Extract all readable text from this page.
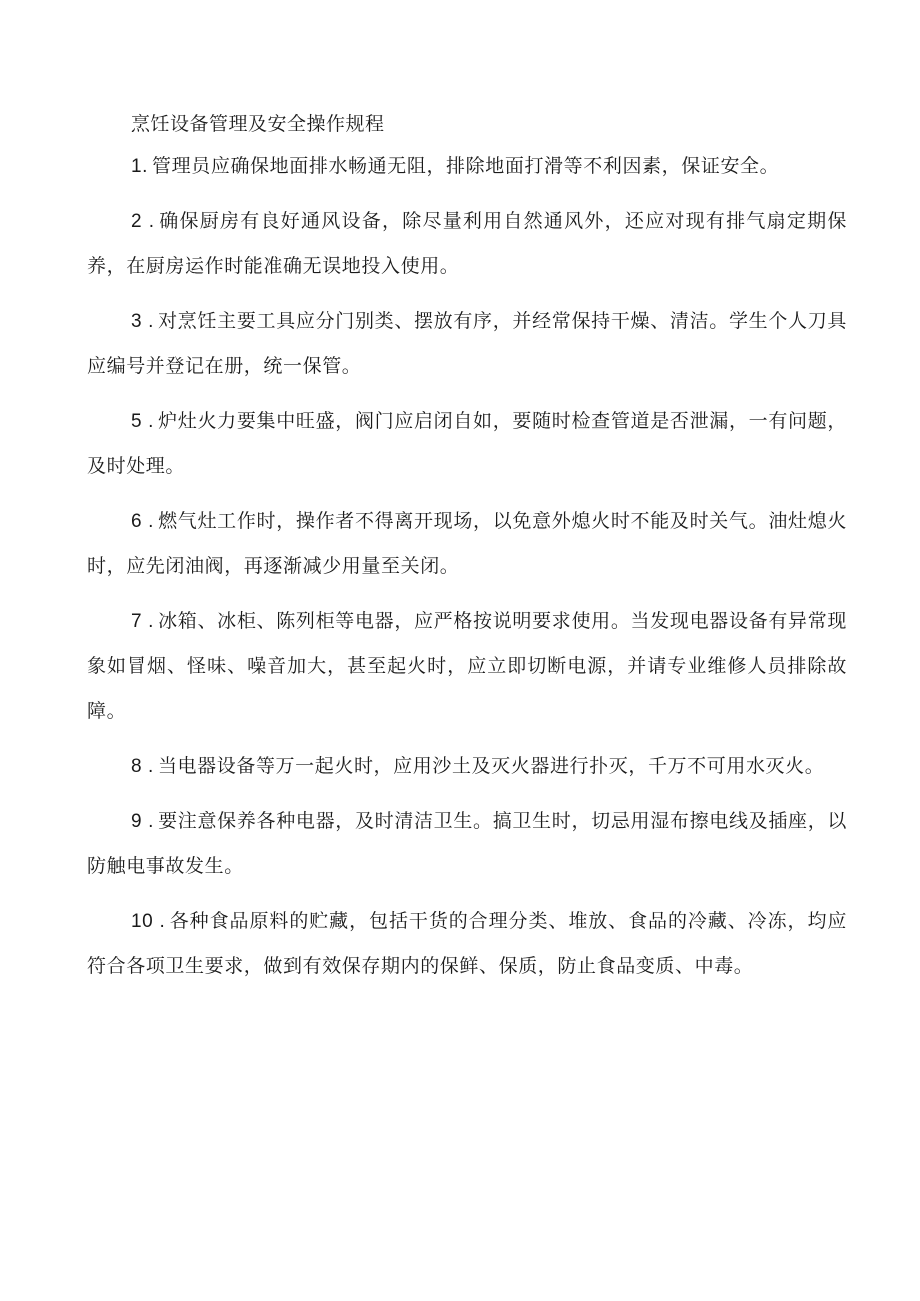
烹饪设备管理及安全操作规程

1. 管理员应确保地面排水畅通无阻，排除地面打滑等不利因素，保证安全。

2 . 确保厨房有良好通风设备，除尽量利用自然通风外，还应对现有排气扇定期保养，在厨房运作时能准确无误地投入使用。

3 . 对烹饪主要工具应分门别类、摆放有序，并经常保持干燥、清洁。学生个人刀具应编号并登记在册，统一保管。

5 . 炉灶火力要集中旺盛，阀门应启闭自如，要随时检查管道是否泄漏，一有问题，及时处理。

6 . 燃气灶工作时，操作者不得离开现场，以免意外熄火时不能及时关气。油灶熄火时，应先闭油阀，再逐渐减少用量至关闭。

7 . 冰箱、冰柜、陈列柜等电器，应严格按说明要求使用。当发现电器设备有异常现象如冒烟、怪味、噪音加大，甚至起火时，应立即切断电源，并请专业维修人员排除故障。

8 . 当电器设备等万一起火时，应用沙土及灭火器进行扑灭，千万不可用水灭火。

9 . 要注意保养各种电器，及时清洁卫生。搞卫生时，切忌用湿布擦电线及插座，以防触电事故发生。

10 . 各种食品原料的贮藏，包括干货的合理分类、堆放、食品的冷藏、冷冻，均应符合各项卫生要求，做到有效保存期内的保鲜、保质，防止食品变质、中毒。
